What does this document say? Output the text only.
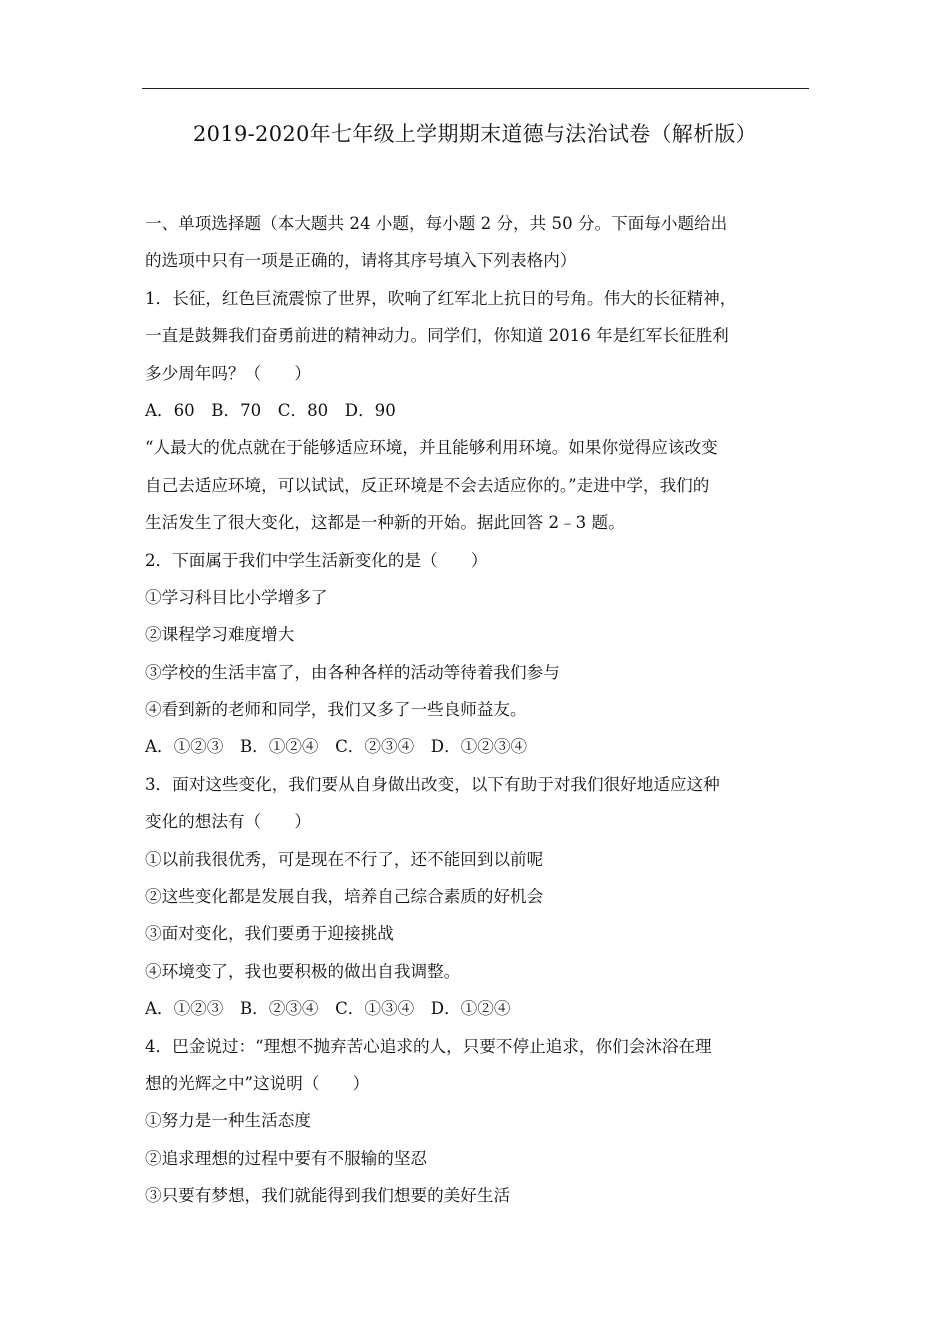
2019-2020年七年级上学期期末道德与法治试卷（解析版）
一、单项选择题（本大题共 24 小题，每小题 2 分，共 50 分。下面每小题给出
的选项中只有一项是正确的，请将其序号填入下列表格内）
1．长征，红色巨流震惊了世界，吹响了红军北上抗日的号角。伟大的长征精神，
一直是鼓舞我们奋勇前进的精神动力。同学们，你知道 2016 年是红军长征胜利
多少周年吗？（　　）
A．60　B．70　C．80　D．90
“人最大的优点就在于能够适应环境，并且能够利用环境。如果你觉得应该改变
自己去适应环境，可以试试，反正环境是不会去适应你的。”走进中学，我们的
生活发生了很大变化，这都是一种新的开始。据此回答 2﹣3 题。
2．下面属于我们中学生活新变化的是（　　）
①学习科目比小学增多了
②课程学习难度增大
③学校的生活丰富了，由各种各样的活动等待着我们参与
④看到新的老师和同学，我们又多了一些良师益友。
A．①②③　B．①②④　C．②③④　D．①②③④
3．面对这些变化，我们要从自身做出改变，以下有助于对我们很好地适应这种
变化的想法有（　　）
①以前我很优秀，可是现在不行了，还不能回到以前呢
②这些变化都是发展自我，培养自己综合素质的好机会
③面对变化，我们要勇于迎接挑战
④环境变了，我也要积极的做出自我调整。
A．①②③　B．②③④　C．①③④　D．①②④
4．巴金说过：“理想不抛弃苦心追求的人，只要不停止追求，你们会沐浴在理
想的光辉之中”这说明（　　）
①努力是一种生活态度
②追求理想的过程中要有不服输的坚忍
③只要有梦想，我们就能得到我们想要的美好生活
